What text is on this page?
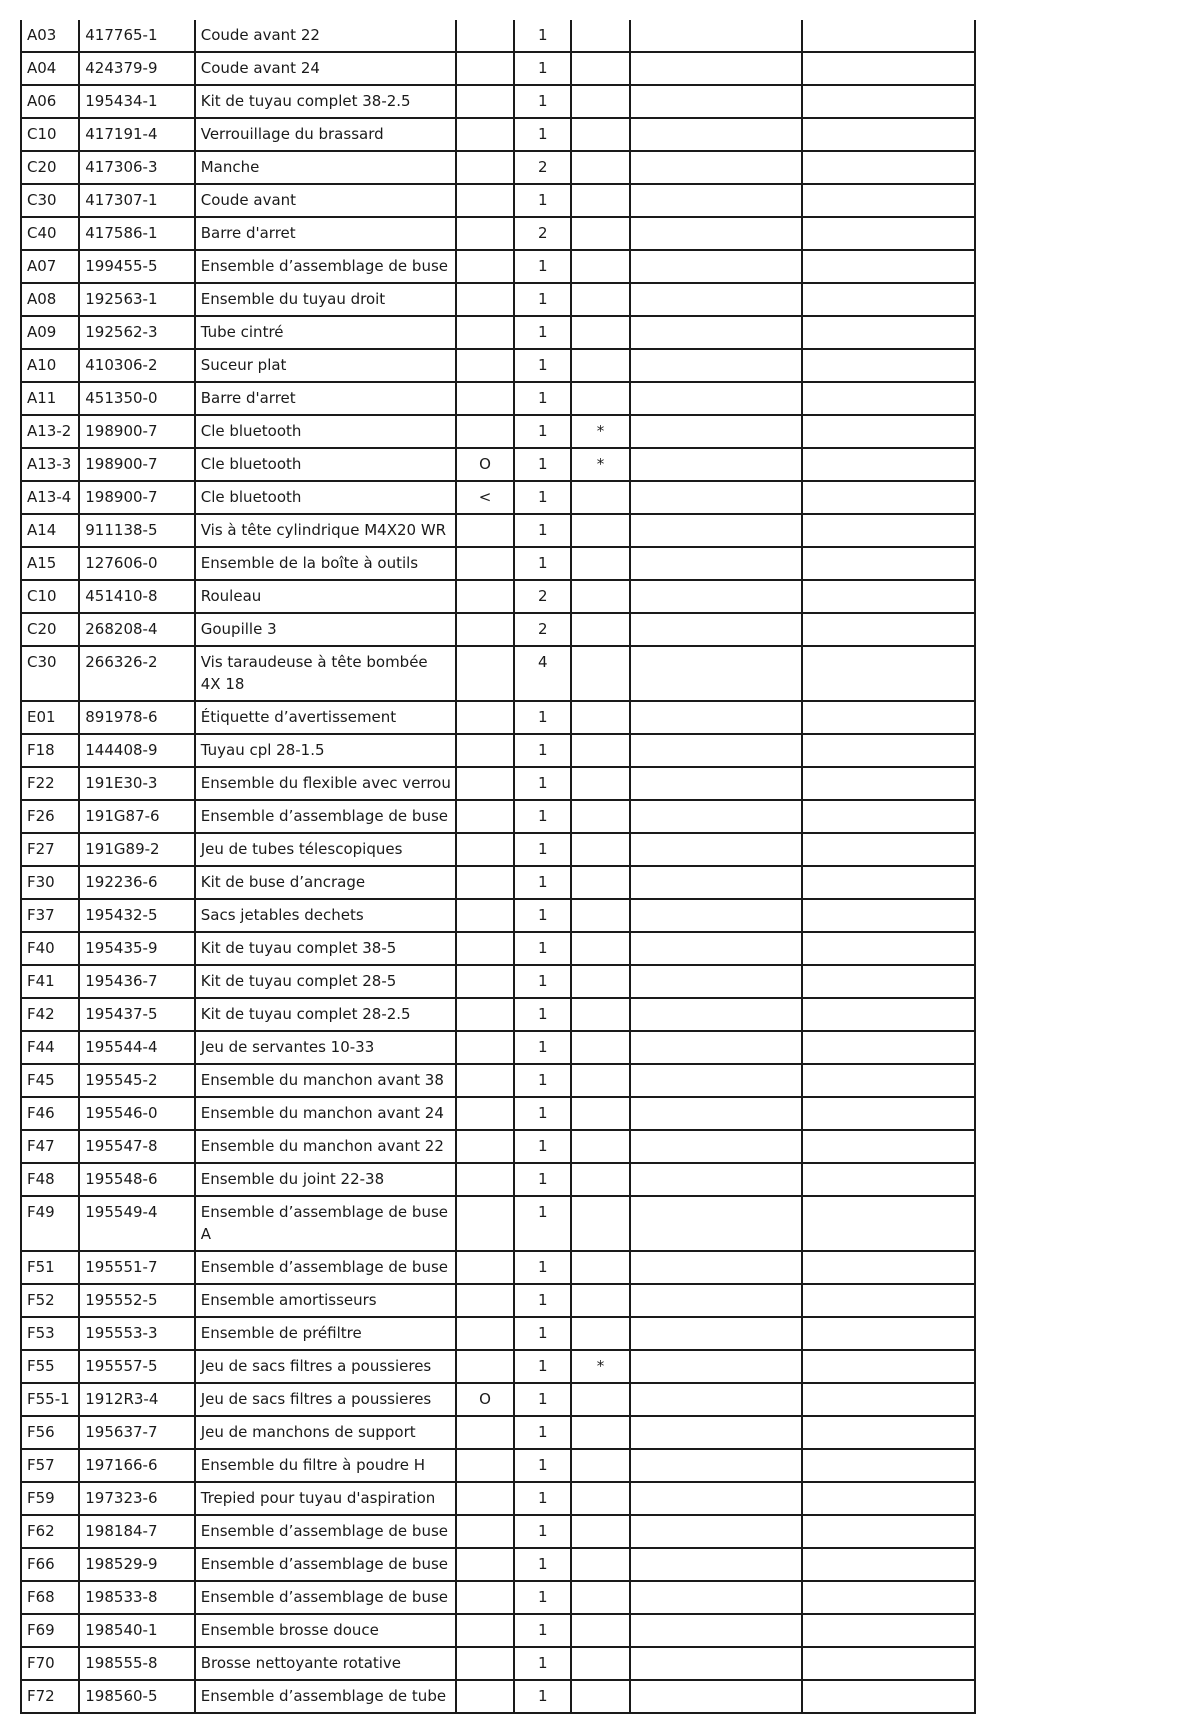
A03	417765-1	Coude avant 22		1			
A04	424379-9	Coude avant 24		1			
A06	195434-1	Kit de tuyau complet 38-2.5		1			
C10	417191-4	Verrouillage du brassard		1			
C20	417306-3	Manche		2			
C30	417307-1	Coude avant		1			
C40	417586-1	Barre d'arret		2			
A07	199455-5	Ensemble d’assemblage de buse		1			
A08	192563-1	Ensemble du tuyau droit		1			
A09	192562-3	Tube cintré		1			
A10	410306-2	Suceur plat		1			
A11	451350-0	Barre d'arret		1			
A13-2	198900-7	Cle bluetooth		1	*		
A13-3	198900-7	Cle bluetooth	O	1	*		
A13-4	198900-7	Cle bluetooth	<	1			
A14	911138-5	Vis à tête cylindrique M4X20 WR		1			
A15	127606-0	Ensemble de la boîte à outils		1			
C10	451410-8	Rouleau		2			
C20	268208-4	Goupille 3		2			
C30	266326-2	Vis taraudeuse à tête bombée 4X 18		4			
E01	891978-6	Étiquette d’avertissement		1			
F18	144408-9	Tuyau cpl 28-1.5		1			
F22	191E30-3	Ensemble du flexible avec verrou		1			
F26	191G87-6	Ensemble d’assemblage de buse		1			
F27	191G89-2	Jeu de tubes télescopiques		1			
F30	192236-6	Kit de buse d’ancrage		1			
F37	195432-5	Sacs jetables dechets		1			
F40	195435-9	Kit de tuyau complet 38-5		1			
F41	195436-7	Kit de tuyau complet 28-5		1			
F42	195437-5	Kit de tuyau complet 28-2.5		1			
F44	195544-4	Jeu de servantes 10-33		1			
F45	195545-2	Ensemble du manchon avant 38		1			
F46	195546-0	Ensemble du manchon avant 24		1			
F47	195547-8	Ensemble du manchon avant 22		1			
F48	195548-6	Ensemble du joint 22-38		1			
F49	195549-4	Ensemble d’assemblage de buse A		1			
F51	195551-7	Ensemble d’assemblage de buse		1			
F52	195552-5	Ensemble amortisseurs		1			
F53	195553-3	Ensemble de préfiltre		1			
F55	195557-5	Jeu de sacs filtres a poussieres		1	*		
F55-1	1912R3-4	Jeu de sacs filtres a poussieres	O	1			
F56	195637-7	Jeu de manchons de support		1			
F57	197166-6	Ensemble du filtre à poudre H		1			
F59	197323-6	Trepied pour tuyau d'aspiration		1			
F62	198184-7	Ensemble d’assemblage de buse		1			
F66	198529-9	Ensemble d’assemblage de buse		1			
F68	198533-8	Ensemble d’assemblage de buse		1			
F69	198540-1	Ensemble brosse douce		1			
F70	198555-8	Brosse nettoyante rotative		1			
F72	198560-5	Ensemble d’assemblage de tube		1			
